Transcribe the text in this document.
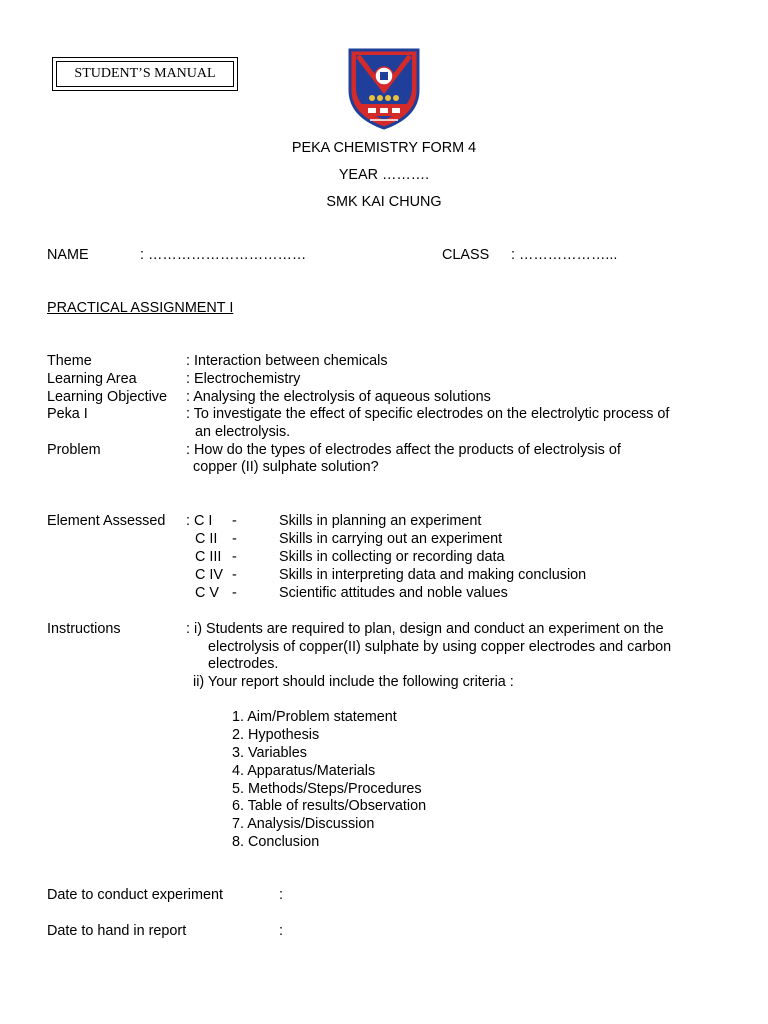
STUDENT’S MANUAL
PEKA CHEMISTRY FORM 4
YEAR ……….
SMK KAI CHUNG
NAME	: ……………………………	CLASS : ………………...
PRACTICAL ASSIGNMENT I
Theme	: Interaction between chemicals
Learning Area	: Electrochemistry
Learning Objective : Analysing the electrolysis of aqueous solutions
Peka I	: To investigate the effect of specific electrodes on the electrolytic process of
an electrolysis.
Problem	: How do the types of electrodes affect the products of electrolysis of
copper (II) sulphate solution?
Element Assessed : C I -	Skills in planning an experiment
C II -	Skills in carrying out an experiment
C III -	Skills in collecting or recording data
C IV -	Skills in interpreting data and making conclusion
C V -	Scientific attitudes and noble values
Instructions	: i) Students are required to plan, design and conduct an experiment on the
electrolysis of copper(II) sulphate by using copper electrodes and carbon
electrodes.
ii) Your report should include the following criteria :
1. Aim/Problem statement
2. Hypothesis
3. Variables
4. Apparatus/Materials
5. Methods/Steps/Procedures
6. Table of results/Observation
7. Analysis/Discussion
8. Conclusion
Date to conduct experiment	:
Date to hand in report	:
